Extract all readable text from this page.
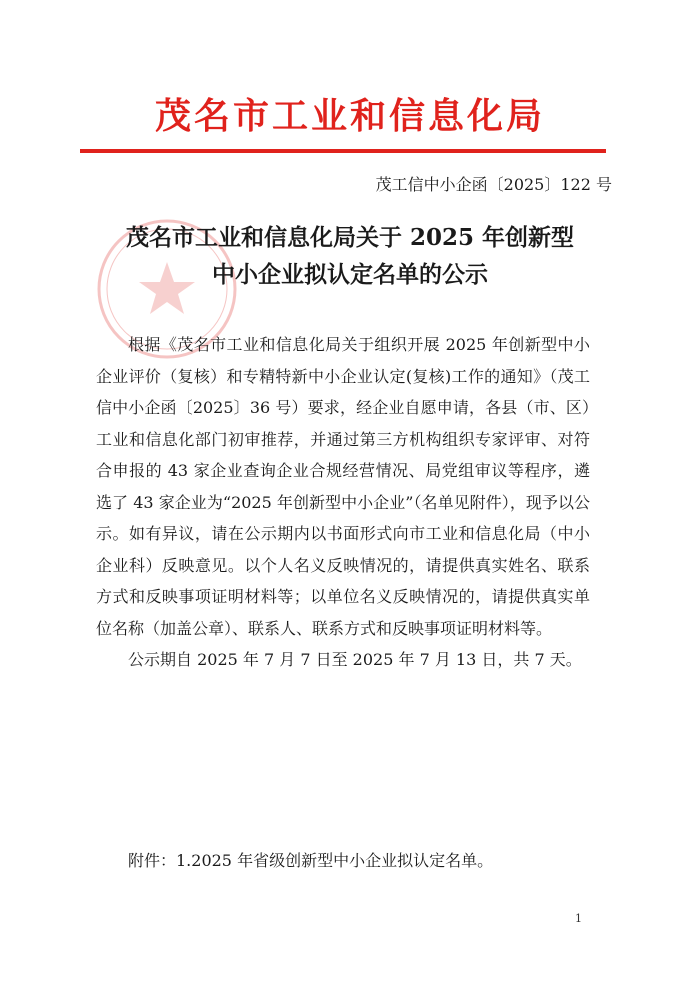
茂名市工业和信息化局
茂工信中小企函〔2025〕122 号
茂名市工业和信息化局关于 2025 年创新型
中小企业拟认定名单的公示

根据《茂名市工业和信息化局关于组织开展 2025 年创新型中小企业评价（复核）和专精特新中小企业认定(复核)工作的通知》（茂工信中小企函〔2025〕36 号）要求，经企业自愿申请，各县（市、区）工业和信息化部门初审推荐，并通过第三方机构组织专家评审、对符合申报的 43 家企业查询企业合规经营情况、局党组审议等程序，遴选了 43 家企业为“2025 年创新型中小企业”（名单见附件），现予以公示。如有异议，请在公示期内以书面形式向市工业和信息化局（中小企业科）反映意见。以个人名义反映情况的，请提供真实姓名、联系方式和反映事项证明材料等；以单位名义反映情况的，请提供真实单位名称（加盖公章）、联系人、联系方式和反映事项证明材料等。

公示期自 2025 年 7 月 7 日至 2025 年 7 月 13 日，共 7 天。

附件：1.2025 年省级创新型中小企业拟认定名单。
1
